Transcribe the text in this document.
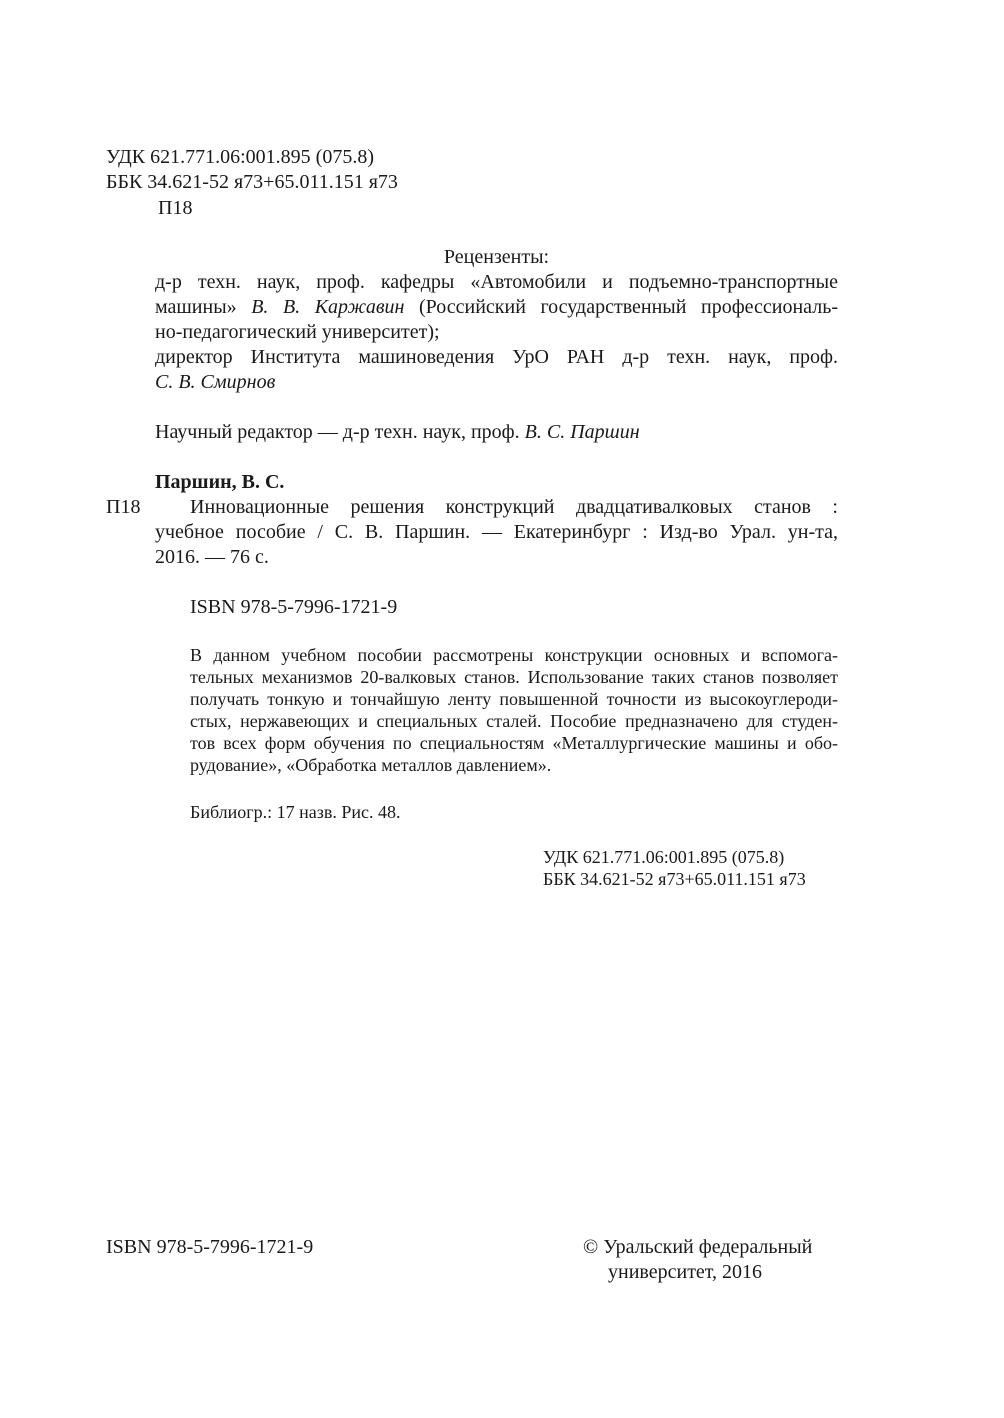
УДК 621.771.06:001.895 (075.8)
ББК 34.621-52 я73+65.011.151 я73
П18
Рецензенты:
д-р техн. наук, проф. кафедры «Автомобили и подъемно-транспортные
машины» В. В. Каржавин (Российский государственный профессиональ-
но-педагогический университет);
директор Института машиноведения УрО РАН д-р техн. наук, проф.
С. В. Смирнов
Научный редактор — д-р техн. наук, проф. В. С. Паршин
Паршин, В. С.
П18 Инновационные решения конструкций двадцативалковых станов :
учебное пособие / С. В. Паршин. — Екатеринбург : Изд-во Урал. ун-та,
2016. — 76 с.
ISBN 978-5-7996-1721-9
В данном учебном пособии рассмотрены конструкции основных и вспомога-
тельных механизмов 20-валковых станов. Использование таких станов позволяет
получать тонкую и тончайшую ленту повышенной точности из высокоуглероди-
стых, нержавеющих и специальных сталей. Пособие предназначено для студен-
тов всех форм обучения по специальностям «Металлургические машины и обо-
рудование», «Обработка металлов давлением».
Библиогр.: 17 назв. Рис. 48.
УДК 621.771.06:001.895 (075.8)
ББК 34.621-52 я73+65.011.151 я73
ISBN 978-5-7996-1721-9	© Уральский федеральный
университет, 2016
